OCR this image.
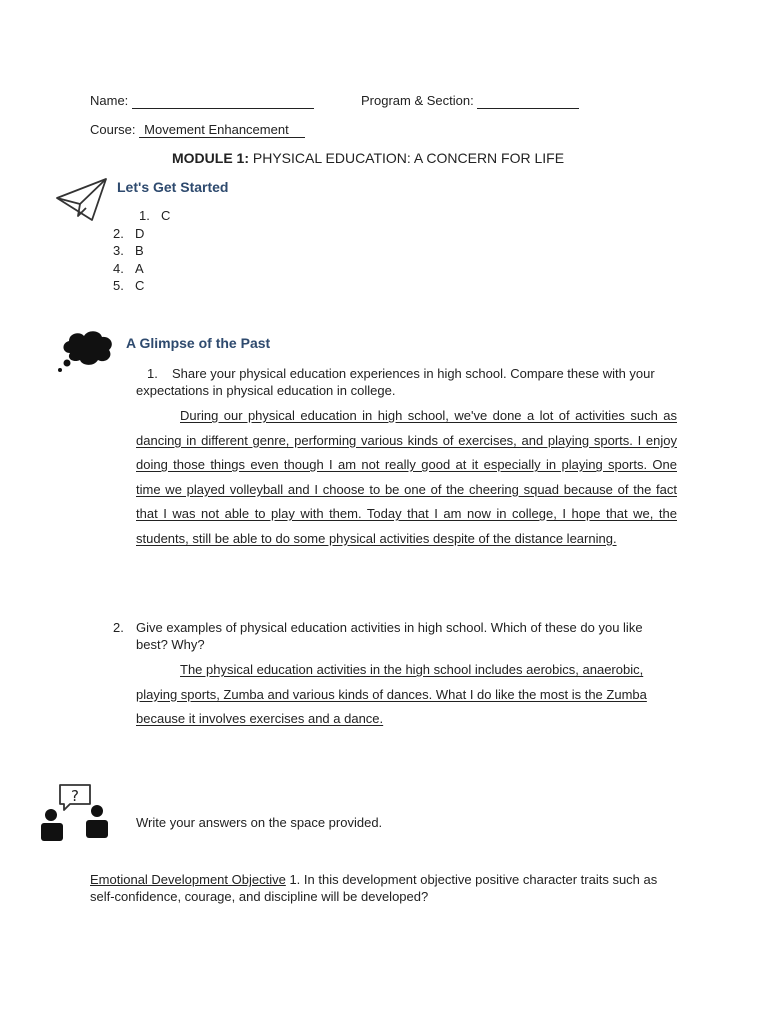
Name:	Program & Section:
Course: Movement Enhancement
MODULE 1: PHYSICAL EDUCATION: A CONCERN FOR LIFE
Let's Get Started
1. C
2. D
3. B
4. A
5. C
A Glimpse of the Past
1.	Share your physical education experiences in high school. Compare these with your expectations in physical education in college.
During our physical education in high school, we've done a lot of activities such as dancing in different genre, performing various kinds of exercises, and playing sports. I enjoy doing those things even though I am not really good at it especially in playing sports. One time we played volleyball and I choose to be one of the cheering squad because of the fact that I was not able to play with them. Today that I am now in college, I hope that we, the students, still be able to do some physical activities despite of the distance learning.
2. Give examples of physical education activities in high school. Which of these do you like best? Why?
The physical education activities in the high school includes aerobics, anaerobic, playing sports, Zumba and various kinds of dances. What I do like the most is the Zumba because it involves exercises and a dance.
?
Write your answers on the space provided.
Emotional Development Objective 1. In this development objective positive character traits such as self-confidence, courage, and discipline will be developed?
